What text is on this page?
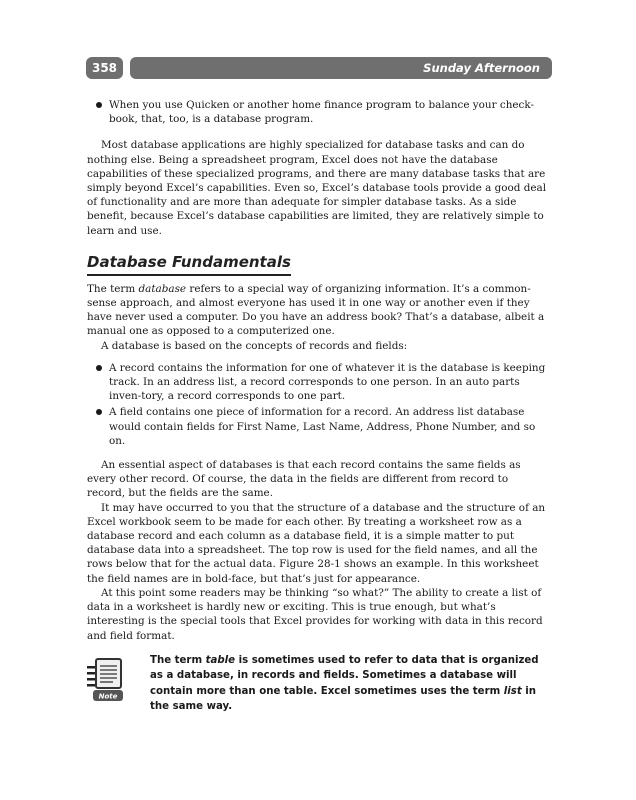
358	Sunday Afternoon
When you use Quicken or another home finance program to balance your check-book, that, too, is a database program.

Most database applications are highly specialized for database tasks and can do nothing else. Being a spreadsheet program, Excel does not have the database capabilities of these specialized programs, and there are many database tasks that are simply beyond Excel’s capabilities. Even so, Excel’s database tools provide a good deal of functionality and are more than adequate for simpler database tasks. As a side benefit, because Excel’s database capabilities are limited, they are relatively simple to learn and use.

Database Fundamentals

The term database refers to a special way of organizing information. It’s a common-sense approach, and almost everyone has used it in one way or another even if they have never used a computer. Do you have an address book? That’s a database, albeit a manual one as opposed to a computerized one.

A database is based on the concepts of records and fields:

A record contains the information for one of whatever it is the database is keeping track. In an address list, a record corresponds to one person. In an auto parts inven-tory, a record corresponds to one part.
A field contains one piece of information for a record. An address list database would contain fields for First Name, Last Name, Address, Phone Number, and so on.

An essential aspect of databases is that each record contains the same fields as every other record. Of course, the data in the fields are different from record to record, but the fields are the same.

It may have occurred to you that the structure of a database and the structure of an Excel workbook seem to be made for each other. By treating a worksheet row as a database record and each column as a database field, it is a simple matter to put database data into a spreadsheet. The top row is used for the field names, and all the rows below that for the actual data. Figure 28-1 shows an example. In this worksheet the field names are in bold-face, but that’s just for appearance.

At this point some readers may be thinking “so what?” The ability to create a list of data in a worksheet is hardly new or exciting. This is true enough, but what’s interesting is the special tools that Excel provides for working with data in this record and field format.

Note
The term table is sometimes used to refer to data that is organized as a database, in records and fields. Sometimes a database will contain more than one table. Excel sometimes uses the term list in the same way.
